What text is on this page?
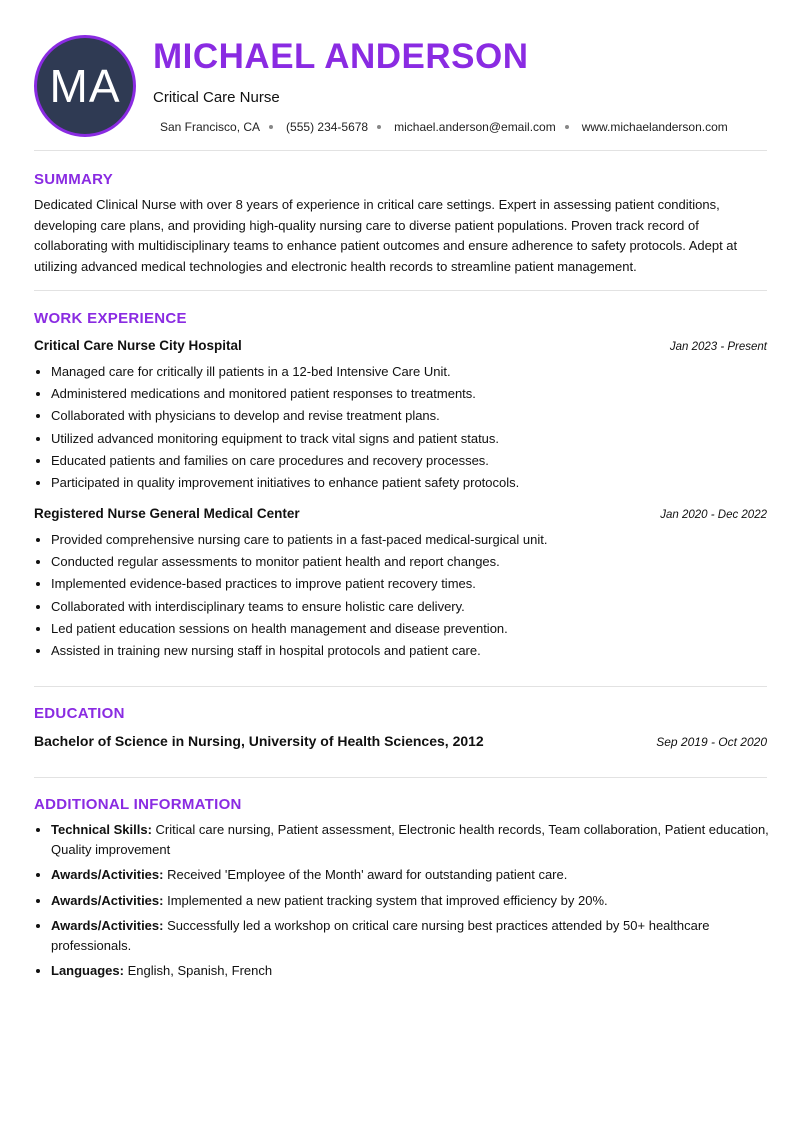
MA
MICHAEL ANDERSON
Critical Care Nurse
San Francisco, CA (555) 234-5678 michael.anderson@email.com www.michaelanderson.com
SUMMARY
Dedicated Clinical Nurse with over 8 years of experience in critical care settings. Expert in assessing patient conditions, developing care plans, and providing high-quality nursing care to diverse patient populations. Proven track record of collaborating with multidisciplinary teams to enhance patient outcomes and ensure adherence to safety protocols. Adept at utilizing advanced medical technologies and electronic health records to streamline patient management.
WORK EXPERIENCE
Critical Care Nurse City Hospital	Jan 2023 - Present
• Managed care for critically ill patients in a 12-bed Intensive Care Unit.
• Administered medications and monitored patient responses to treatments.
• Collaborated with physicians to develop and revise treatment plans.
• Utilized advanced monitoring equipment to track vital signs and patient status.
• Educated patients and families on care procedures and recovery processes.
• Participated in quality improvement initiatives to enhance patient safety protocols.
Registered Nurse General Medical Center	Jan 2020 - Dec 2022
• Provided comprehensive nursing care to patients in a fast-paced medical-surgical unit.
• Conducted regular assessments to monitor patient health and report changes.
• Implemented evidence-based practices to improve patient recovery times.
• Collaborated with interdisciplinary teams to ensure holistic care delivery.
• Led patient education sessions on health management and disease prevention.
• Assisted in training new nursing staff in hospital protocols and patient care.
EDUCATION
Bachelor of Science in Nursing, University of Health Sciences, 2012	Sep 2019 - Oct 2020
ADDITIONAL INFORMATION
• Technical Skills: Critical care nursing, Patient assessment, Electronic health records, Team collaboration, Patient education, Quality improvement
• Awards/Activities: Received 'Employee of the Month' award for outstanding patient care.
• Awards/Activities: Implemented a new patient tracking system that improved efficiency by 20%.
• Awards/Activities: Successfully led a workshop on critical care nursing best practices attended by 50+ healthcare professionals.
• Languages: English, Spanish, French
